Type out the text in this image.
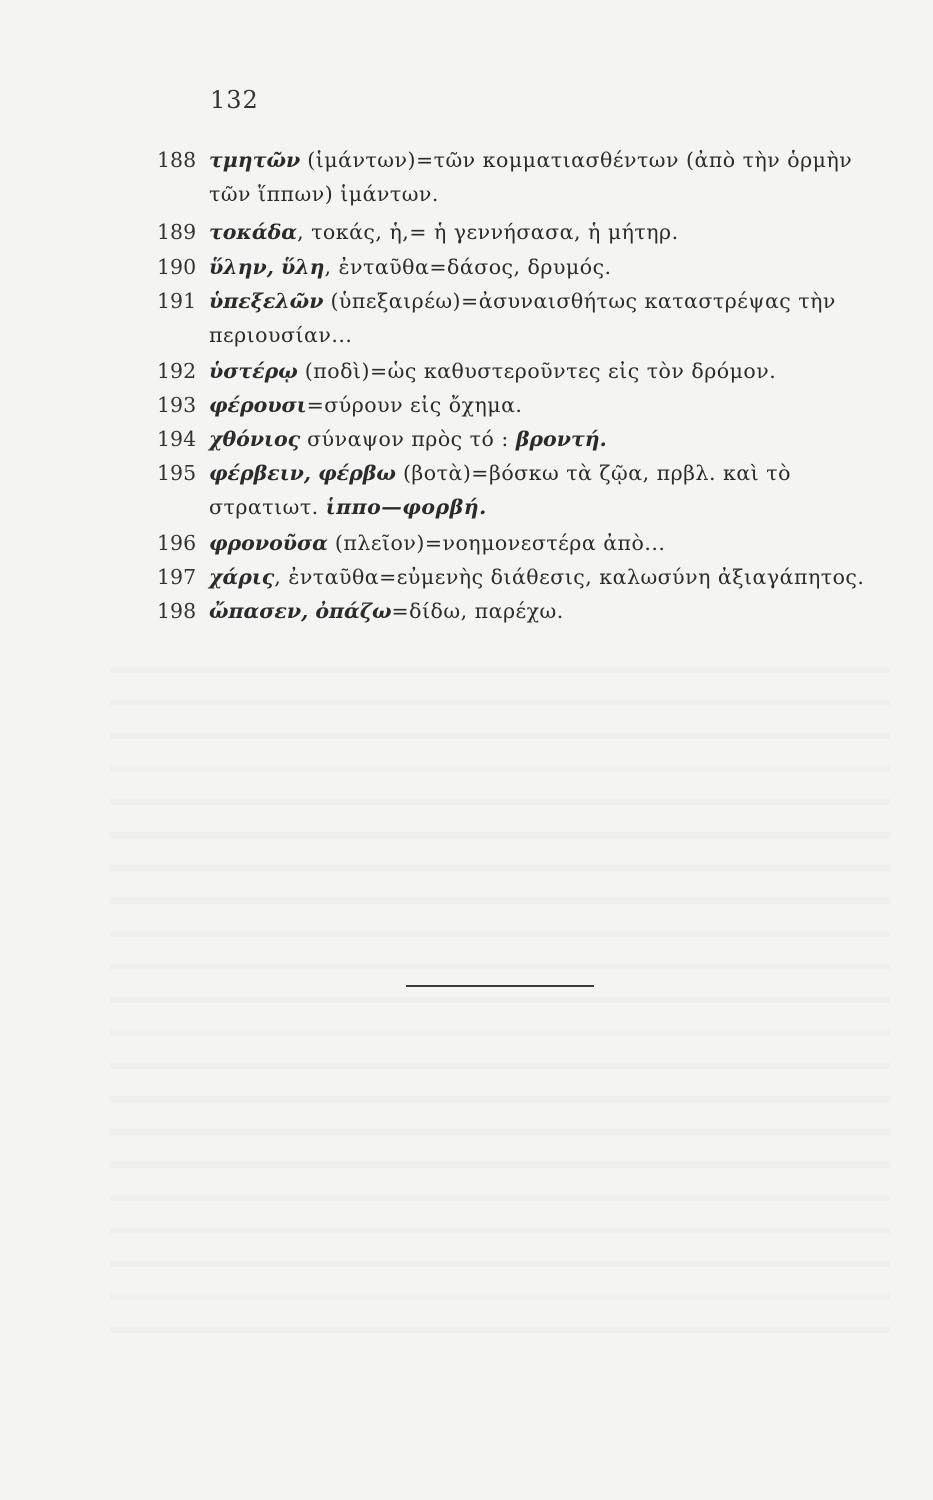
132
188 τμητῶν (ἱμάντων)=τῶν κομματιασθέντων (ἀπὸ τὴν ὁρμὴν
τῶν ἵππων) ἱμάντων.
189 τοκάδα, τοκάς, ἡ,= ἡ γεννήσασα, ἡ μήτηρ.
190 ὕλην, ὕλη, ἐνταῦθα=δάσος, δρυμός.
191 ὑπεξελῶν (ὑπεξαιρέω)=ἀσυναισθήτως καταστρέψας τὴν
περιουσίαν...
192 ὑστέρῳ (ποδὶ)=ὡς καθυστεροῦντες εἰς τὸν δρόμον.
193 φέρουσι=σύρουν εἰς ὄχημα.
194 χθόνιος σύναψον πρὸς τό : βροντή.
195 φέρβειν, φέρβω (βοτὰ)=βόσκω τὰ ζῷα, πρβλ. καὶ τὸ
στρατιωτ. ἱππο—φορβή.
196 φρονοῦσα (πλεῖον)=νοημονεστέρα ἀπὸ...
197 χάρις, ἐνταῦθα=εὐμενὴς διάθεσις, καλωσύνη ἀξιαγάπητος.
198 ὤπασεν, ὀπάζω=δίδω, παρέχω.
